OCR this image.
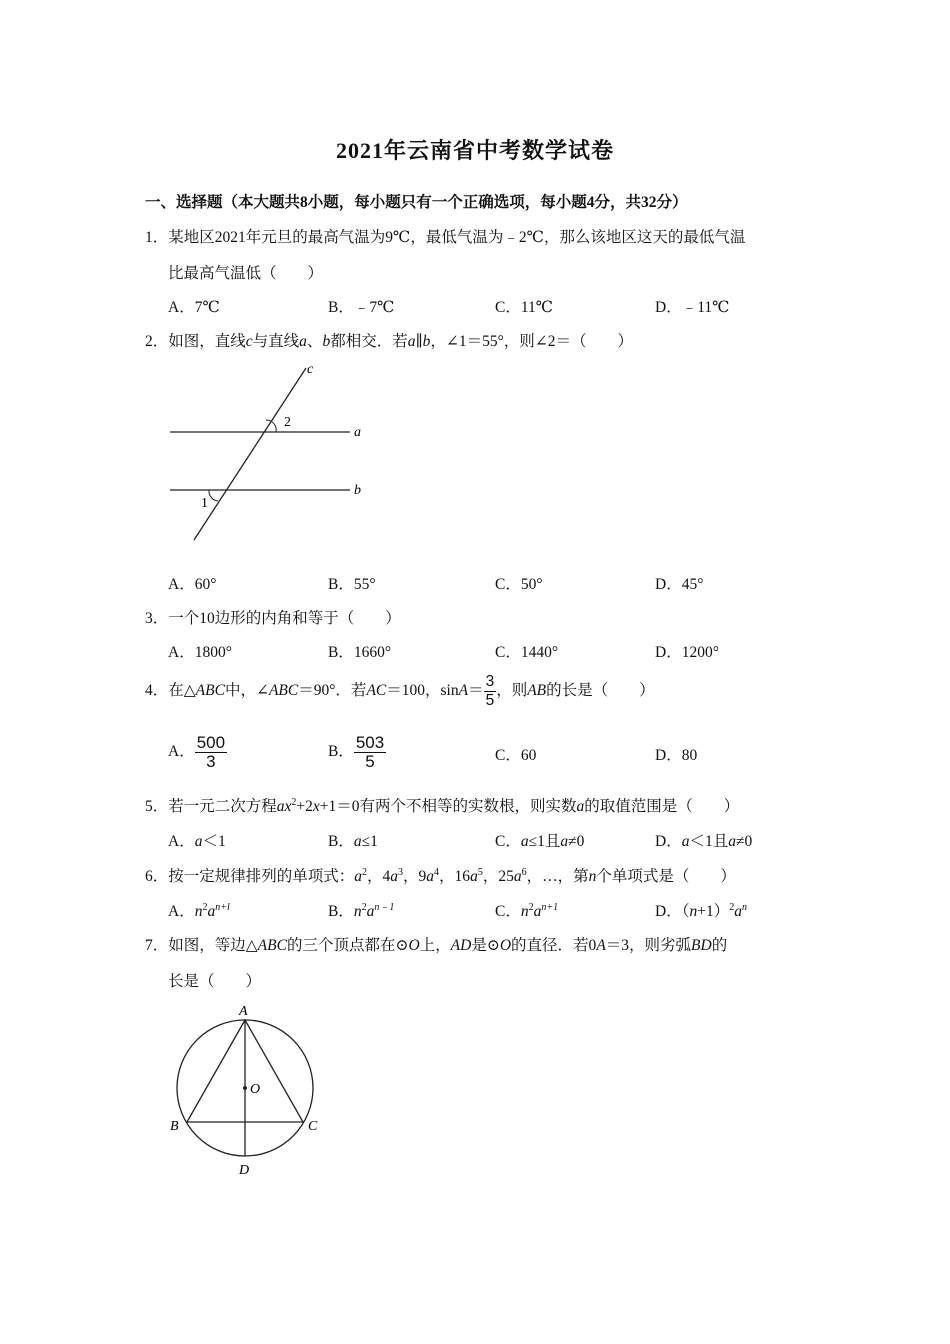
2021年云南省中考数学试卷
一、选择题（本大题共8小题，每小题只有一个正确选项，每小题4分，共32分）
1．某地区2021年元旦的最高气温为9℃，最低气温为﹣2℃，那么该地区这天的最低气温
比最高气温低（　　）
A．7℃	B．﹣7℃	C．11℃	D．﹣11℃
2．如图，直线c与直线a、b都相交．若a∥b，∠1＝55°，则∠2＝（　　）
c
a
b
2
1
A．60°	B．55°	C．50°	D．45°
3．一个10边形的内角和等于（　　）
A．1800°	B．1660°	C．1440°	D．1200°
4．在△ABC中，∠ABC＝90°．若AC＝100，$\sin A= \frac{3}{5}$ ，则AB的长是（　　）
A． $\frac{500}{3}$	B． $\frac{503}{5}$	C．60	D．80
5．若一元二次方程$ax^2+2x+1=0$有两个不相等的实数根，则实数a的取值范围是（　　）
A．a＜1	B．a≤1	C．a≤1且a≠0	D．a＜1且a≠0
6．按一定规律排列的单项式：$a^2$，$4a^3$，$9a^4$，$16a^5$，$25a^6$，…，第n个单项式是（　　）
A．$n^2a^{n+l}$	B．$n^2a^{n﹣1}$	C．$n^2a^{n+1}$	D．$(n+1)^2a^n$
7．如图，等边△ABC的三个顶点都在⊙O上，AD是⊙O的直径．若0A＝3，则劣弧BD的
长是（　　）
A
B	C
D
O
